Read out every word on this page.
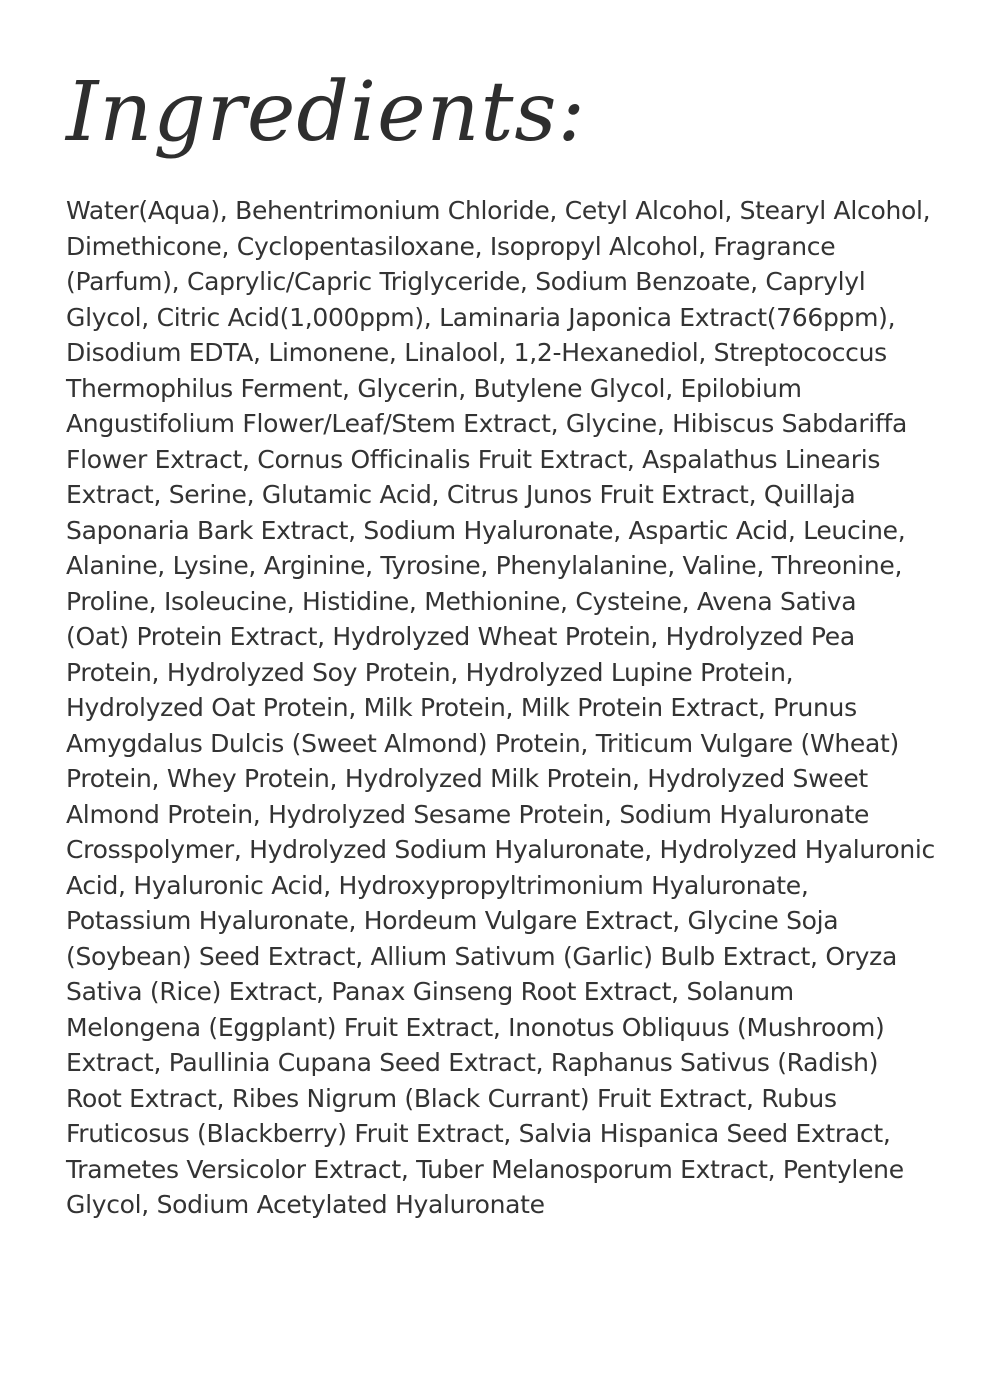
Ingredients:

Water(Aqua), Behentrimonium Chloride, Cetyl Alcohol, Stearyl Alcohol,
Dimethicone, Cyclopentasiloxane, Isopropyl Alcohol, Fragrance
(Parfum), Caprylic/Capric Triglyceride, Sodium Benzoate, Caprylyl
Glycol, Citric Acid(1,000ppm), Laminaria Japonica Extract(766ppm),
Disodium EDTA, Limonene, Linalool, 1,2-Hexanediol, Streptococcus
Thermophilus Ferment, Glycerin, Butylene Glycol, Epilobium
Angustifolium Flower/Leaf/Stem Extract, Glycine, Hibiscus Sabdariffa
Flower Extract, Cornus Officinalis Fruit Extract, Aspalathus Linearis
Extract, Serine, Glutamic Acid, Citrus Junos Fruit Extract, Quillaja
Saponaria Bark Extract, Sodium Hyaluronate, Aspartic Acid, Leucine,
Alanine, Lysine, Arginine, Tyrosine, Phenylalanine, Valine, Threonine,
Proline, Isoleucine, Histidine, Methionine, Cysteine, Avena Sativa
(Oat) Protein Extract, Hydrolyzed Wheat Protein, Hydrolyzed Pea
Protein, Hydrolyzed Soy Protein, Hydrolyzed Lupine Protein,
Hydrolyzed Oat Protein, Milk Protein, Milk Protein Extract, Prunus
Amygdalus Dulcis (Sweet Almond) Protein, Triticum Vulgare (Wheat)
Protein, Whey Protein, Hydrolyzed Milk Protein, Hydrolyzed Sweet
Almond Protein, Hydrolyzed Sesame Protein, Sodium Hyaluronate
Crosspolymer, Hydrolyzed Sodium Hyaluronate, Hydrolyzed Hyaluronic
Acid, Hyaluronic Acid, Hydroxypropyltrimonium Hyaluronate,
Potassium Hyaluronate, Hordeum Vulgare Extract, Glycine Soja
(Soybean) Seed Extract, Allium Sativum (Garlic) Bulb Extract, Oryza
Sativa (Rice) Extract, Panax Ginseng Root Extract, Solanum
Melongena (Eggplant) Fruit Extract, Inonotus Obliquus (Mushroom)
Extract, Paullinia Cupana Seed Extract, Raphanus Sativus (Radish)
Root Extract, Ribes Nigrum (Black Currant) Fruit Extract, Rubus
Fruticosus (Blackberry) Fruit Extract, Salvia Hispanica Seed Extract,
Trametes Versicolor Extract, Tuber Melanosporum Extract, Pentylene
Glycol, Sodium Acetylated Hyaluronate
